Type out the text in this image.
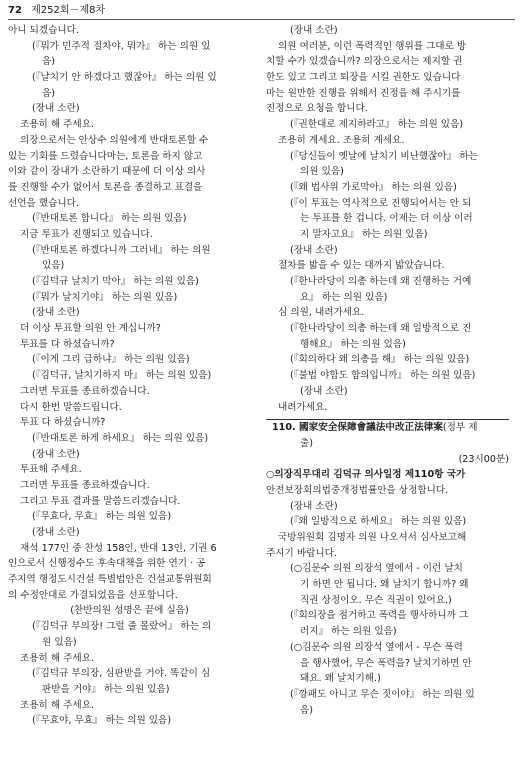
72 제252회－제8차
아니 되겠습니다.
(『뭐가 민주적 절차야, 뭐가』 하는 의원 있
음)
(『날치기 안 하겠다고 했잖아』 하는 의원 있
음)
(장내 소란)
조용히 해 주세요.
의장으로서는 안상수 의원에게 반대토론할 수
있는 기회를 드렸습니다마는, 토론을 하지 않고
이와 같이 장내가 소란하기 때문에 더 이상 의사
를 진행할 수가 없어서 토론을 종결하고 표결을
선언을 했습니다.
(『반대토론 합니다』 하는 의원 있음)
지금 투표가 진행되고 있습니다.
(『반대토론 하겠다니까 그러네』 하는 의원
있음)
(『김덕규 날치기 막아』 하는 의원 있음)
(『뭐가 날치기야』 하는 의원 있음)
(장내 소란)
더 이상 투표할 의원 안 계십니까?
투표를 다 하셨습니까?
(『이게 그리 급하냐』 하는 의원 있음)
(『김덕규, 날치기하지 마』 하는 의원 있음)
그러면 투표를 종료하겠습니다.
다시 한번 말씀드립니다.
투표 다 하셨습니까?
(『반대토론 하게 하세요』 하는 의원 있음)
(장내 소란)
투표해 주세요.
그러면 투표를 종료하겠습니다.
그리고 투표 결과를 말씀드리겠습니다.
(『무효다, 무효』 하는 의원 있음)
(장내 소란)
재석 177인 중 찬성 158인, 반대 13인, 기권 6
인으로서 신행정수도 후속대책을 위한 연기 · 공
주지역 행정도시건설 특별법안은 건설교통위원회
의 수정안대로 가결되었음을 선포합니다.
(찬반의원 성명은 끝에 실음)
(『김덕규 부의장! 그럴 줄 몰랐어』 하는 의
원 있음)
조용히 해 주세요.
(『김덕규 부의장, 심판받을 거야. 똑같이 심
판받을 거야』 하는 의원 있음)
조용히 해 주세요.
(『무효야, 무효』 하는 의원 있음)
(장내 소란)
의원 여러분, 이런 폭력적인 행위를 그대로 방
치할 수가 있겠습니까? 의장으로서는 제지할 권
한도 있고 그리고 퇴장을 시킬 권한도 있습니다
마는 원만한 진행을 위해서 진정을 해 주시기를
진정으로 요청을 합니다.
(『권한대로 제지하라고』 하는 의원 있음)
조용히 계세요. 조용히 계세요.
(『당신들이 옛날에 날치기 비난했잖아』 하는
의원 있음)
(『왜 법사위 가로막아』 하는 의원 있음)
(『이 투표는 역사적으로 진행되어서는 안 되
는 투표를 한 겁니다. 이제는 더 이상 이러
지 말자고요』 하는 의원 있음)
(장내 소란)
절차를 밟을 수 있는 대까지 밟았습니다.
(『한나라당이 의총 하는데 왜 진행하는 거예
요』 하는 의원 있음)
심 의원, 내려가세요.
(『한나라당이 의총 하는데 왜 일방적으로 진
행해요』 하는 의원 있음)
(『회의하다 왜 의총을 해』 하는 의원 있음)
(『불법 야합도 합의입니까』 하는 의원 있음)
(장내 소란)
내려가세요.
110. 國家安全保障會議法中改正法律案(정부 제
출)
(23시00분)
○의장직무대리 김덕규 의사일정 제110항 국가
안전보장회의법중개정법률안을 상정합니다.
(장내 소란)
(『왜 일방적으로 하세요』 하는 의원 있음)
국방위원회 김명자 의원 나오셔서 심사보고해
주시기 바랍니다.
(○김문수 의원 의장석 옆에서 - 이런 날치
기 하면 안 됩니다. 왜 날치기 합니까? 왜
직권 상정이오. 무슨 직권이 있어요.)
(『회의장을 점거하고 폭력을 행사하니까 그
러지』 하는 의원 있음)
(○김문수 의원 의장석 옆에서 - 무슨 폭력
을 행사했어, 무슨 폭력을? 날치기하면 안
돼요. 왜 날치기해.)
(『깡패도 아니고 무슨 짓이야』 하는 의원 있
음)
